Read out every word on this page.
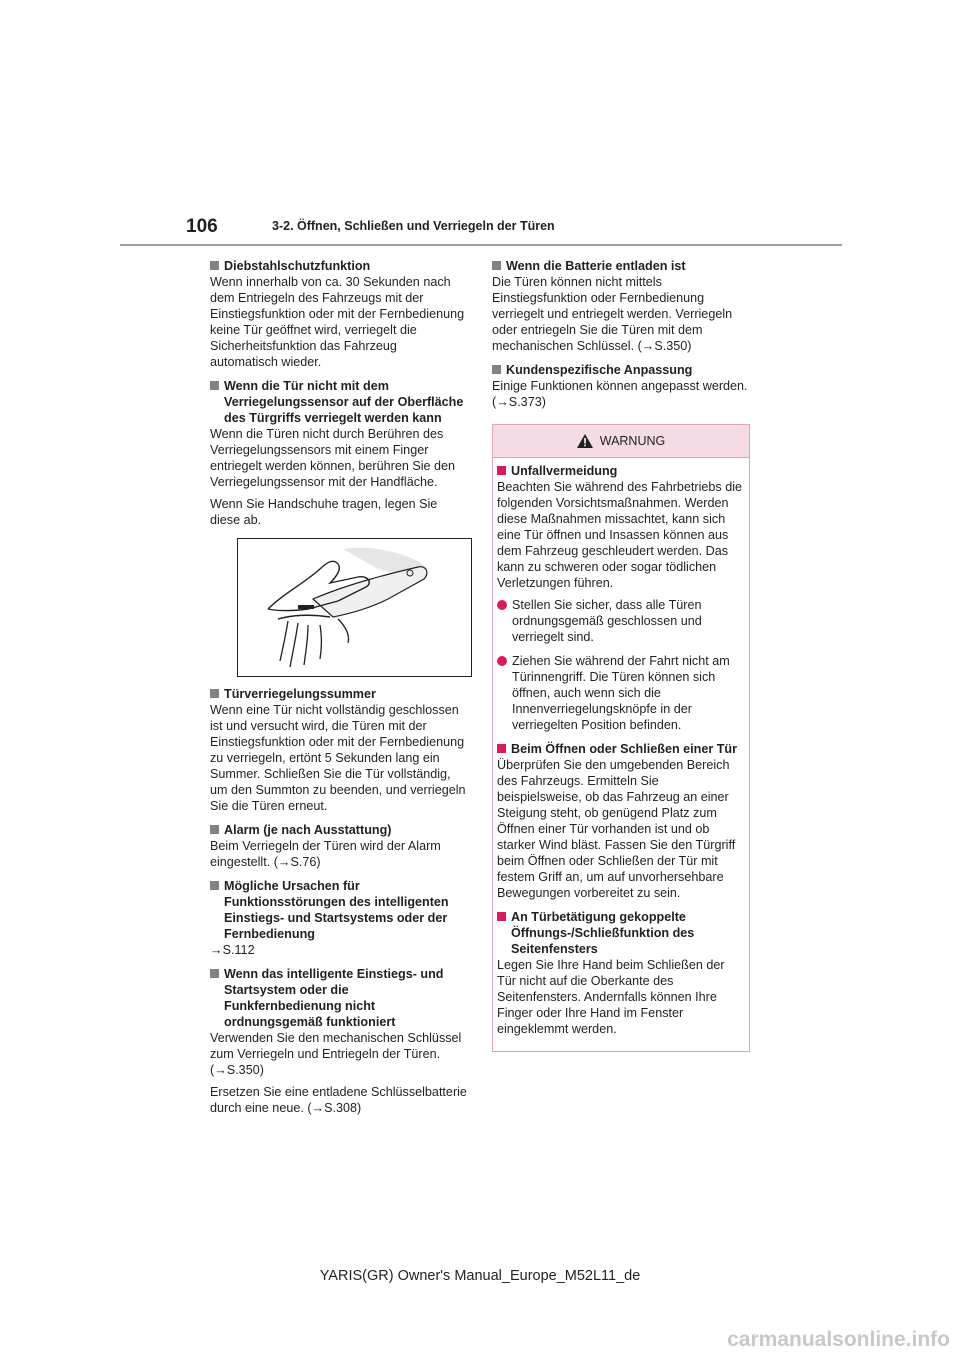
106	3-2. Öffnen, Schließen und Verriegeln der Türen
Diebstahlschutzfunktion

Wenn innerhalb von ca. 30 Sekunden nach dem Entriegeln des Fahrzeugs mit der Einstiegsfunktion oder mit der Fernbedienung keine Tür geöffnet wird, verriegelt die Sicherheitsfunktion das Fahrzeug automatisch wieder.

Wenn die Tür nicht mit dem Verriegelungssensor auf der Oberfläche des Türgriffs verriegelt werden kann

Wenn die Türen nicht durch Berühren des Verriegelungssensors mit einem Finger entriegelt werden können, berühren Sie den Verriegelungssensor mit der Handfläche.

Wenn Sie Handschuhe tragen, legen Sie diese ab.

Türverriegelungssummer

Wenn eine Tür nicht vollständig geschlossen ist und versucht wird, die Türen mit der Einstiegsfunktion oder mit der Fernbedienung zu verriegeln, ertönt 5 Sekunden lang ein Summer. Schließen Sie die Tür vollständig, um den Summton zu beenden, und verriegeln Sie die Türen erneut.

Alarm (je nach Ausstattung)

Beim Verriegeln der Türen wird der Alarm eingestellt. (→S.76)

Mögliche Ursachen für Funktionsstörungen des intelligenten Einstiegs- und Startsystems oder der Fernbedienung

→S.112

Wenn das intelligente Einstiegs- und Startsystem oder die Funkfernbedienung nicht ordnungsgemäß funktioniert

Verwenden Sie den mechanischen Schlüssel zum Verriegeln und Entriegeln der Türen. (→S.350)

Ersetzen Sie eine entladene Schlüsselbatterie durch eine neue. (→S.308)

Wenn die Batterie entladen ist

Die Türen können nicht mittels Einstiegsfunktion oder Fernbedienung verriegelt und entriegelt werden. Verriegeln oder entriegeln Sie die Türen mit dem mechanischen Schlüssel. (→S.350)

Kundenspezifische Anpassung

Einige Funktionen können angepasst werden. (→S.373)

WARNUNG
Unfallvermeidung

Beachten Sie während des Fahrbetriebs die folgenden Vorsichtsmaßnahmen. Werden diese Maßnahmen missachtet, kann sich eine Tür öffnen und Insassen können aus dem Fahrzeug geschleudert werden. Das kann zu schweren oder sogar tödlichen Verletzungen führen.

Stellen Sie sicher, dass alle Türen ordnungsgemäß geschlossen und verriegelt sind.
Ziehen Sie während der Fahrt nicht am Türinnengriff. Die Türen können sich öffnen, auch wenn sich die Innenverriegelungsknöpfe in der verriegelten Position befinden.
Beim Öffnen oder Schließen einer Tür

Überprüfen Sie den umgebenden Bereich des Fahrzeugs. Ermitteln Sie beispielsweise, ob das Fahrzeug an einer Steigung steht, ob genügend Platz zum Öffnen einer Tür vorhanden ist und ob starker Wind bläst. Fassen Sie den Türgriff beim Öffnen oder Schließen der Tür mit festem Griff an, um auf unvorhersehbare Bewegungen vorbereitet zu sein.

An Türbetätigung gekoppelte Öffnungs-/Schließfunktion des Seitenfensters

Legen Sie Ihre Hand beim Schließen der Tür nicht auf die Oberkante des Seitenfensters. Andernfalls können Ihre Finger oder Ihre Hand im Fenster eingeklemmt werden.

YARIS(GR) Owner's Manual_Europe_M52L11_de
carmanualsonline.info
